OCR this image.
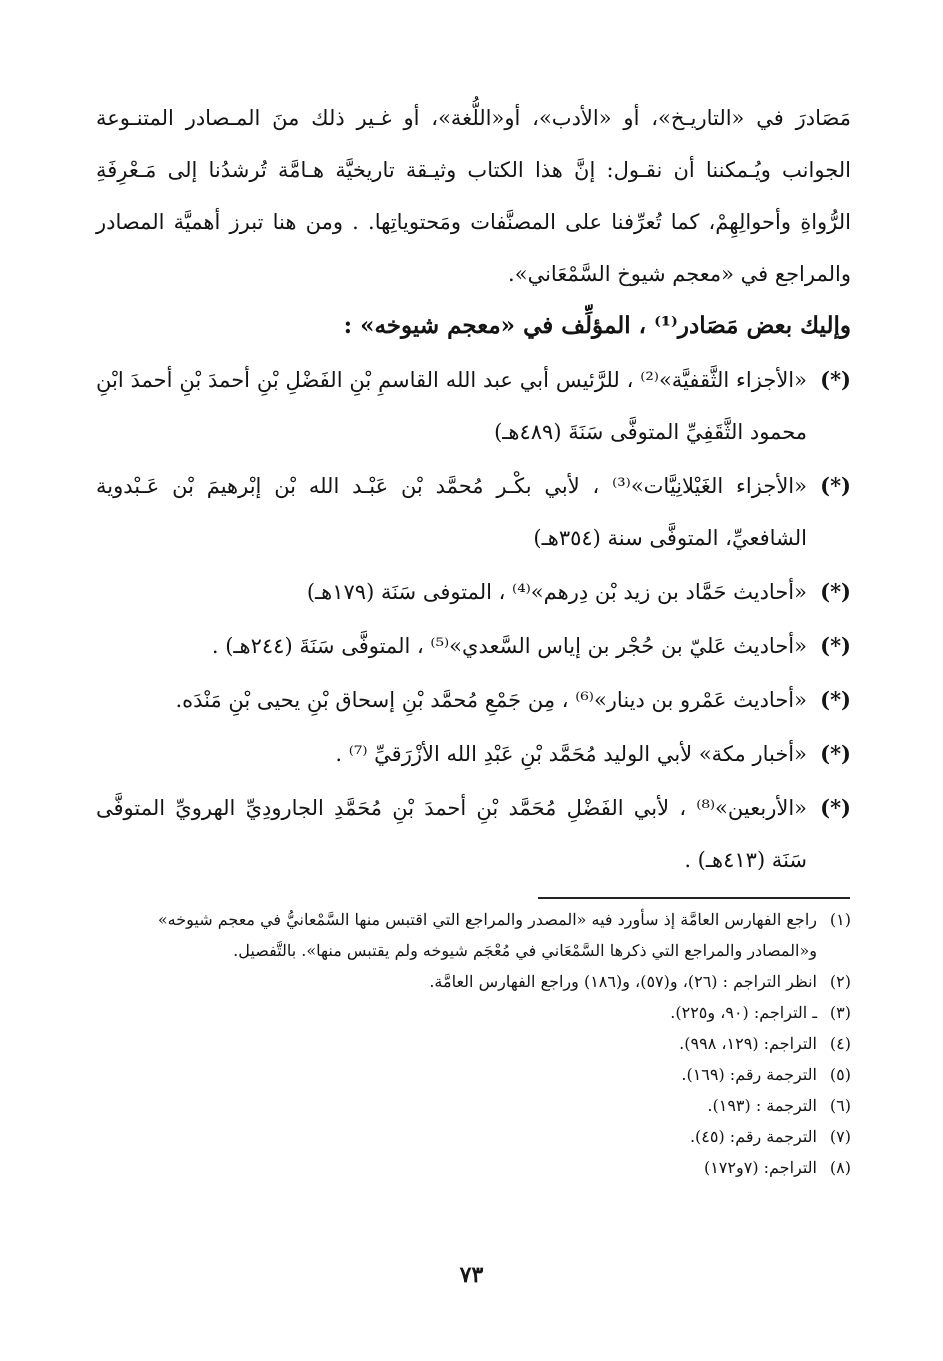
مَصَادرَ في «التاريـخ»، أو «الأدب»، أو«اللُّغة»، أو غـير ذلك منَ المـصادر المتنـوعة الجوانب ويُـمكننا أن نقـول: إنَّ هذا الكتاب وثيـقة تاريخيَّة هـامَّة تُرشدُنا إلى مَـعْرِفَةِ الرُّواةِ وأحوالِهِمْ، كما تُعرِّفنا على المصنَّفات ومَحتوياتِها. . ومن هنا تبرز أهميَّة المصادر والمراجع في «معجم شيوخ السَّمْعَاني».

وإليك بعض مَصَادر⁽¹⁾ ، المؤلِّف في «معجم شيوخه» :

(*)
«الأجزاء الثَّقفيَّة»⁽²⁾ ، للرَّئيس أبي عبد الله القاسمِ بْنِ الفَضْلِ بْنِ أحمدَ بْنِ أحمدَ ابْنِ محمود الثَّقَفِيِّ المتوفَّى سَنَةَ (٤٨٩هـ)
(*)
«الأجزاء الغَيْلانِيَّات»⁽³⁾ ، لأبي بكْـر مُحمَّد بْن عَبْـد الله بْن إبْرهيمَ بْن عَـبْدوية الشافعيِّ، المتوفَّى سنة (٣٥٤هـ)
(*)
«أحاديث حَمَّاد بن زيد بْن دِرهم»⁽⁴⁾ ، المتوفى سَنَة (١٧٩هـ)
(*)
«أحاديث عَليّ بن حُجْر بن إياس السَّعدي»⁽⁵⁾ ، المتوفَّى سَنَةَ (٢٤٤هـ) .
(*)
«أحاديث عَمْرو بن دينار»⁽⁶⁾ ، مِن جَمْعِ مُحمَّد بْنِ إسحاق بْنِ يحيى بْنِ مَنْدَه.
(*)
«أخبار مكة» لأبي الوليد مُحَمَّد بْنِ عَبْدِ الله الأزْرَقيِّ ⁽⁷⁾ .
(*)
«الأربعين»⁽⁸⁾ ، لأبي الفَضْلِ مُحَمَّد بْنِ أحمدَ بْنِ مُحَمَّدِ الجارودِيِّ الهرويِّ المتوفَّى سَنَة (٤١٣هـ) .

(١)
راجع الفهارس العامَّة إذ سأورد فيه «المصدر والمراجع التي اقتبس منها السَّمْعانيُّ في معجم شيوخه» و«المصادر والمراجع التي ذكرها السَّمْعَاني في مُعْجَم شيوخه ولم يقتبس منها». بالتَّفصيل.

(٢)
انظر التراجم : (٢٦)، و(٥٧)، و(١٨٦) وراجع الفهارس العامَّة.

(٣)
ـ التراجم: (٩٠، و٢٢٥).

(٤)
التراجم: (١٢٩، ٩٩٨).

(٥)
الترجمة رقم: (١٦٩).

(٦)
الترجمة : (١٩٣).

(٧)
الترجمة رقم: (٤٥).

(٨)
التراجم: (٧و١٧٢)

٧٣
